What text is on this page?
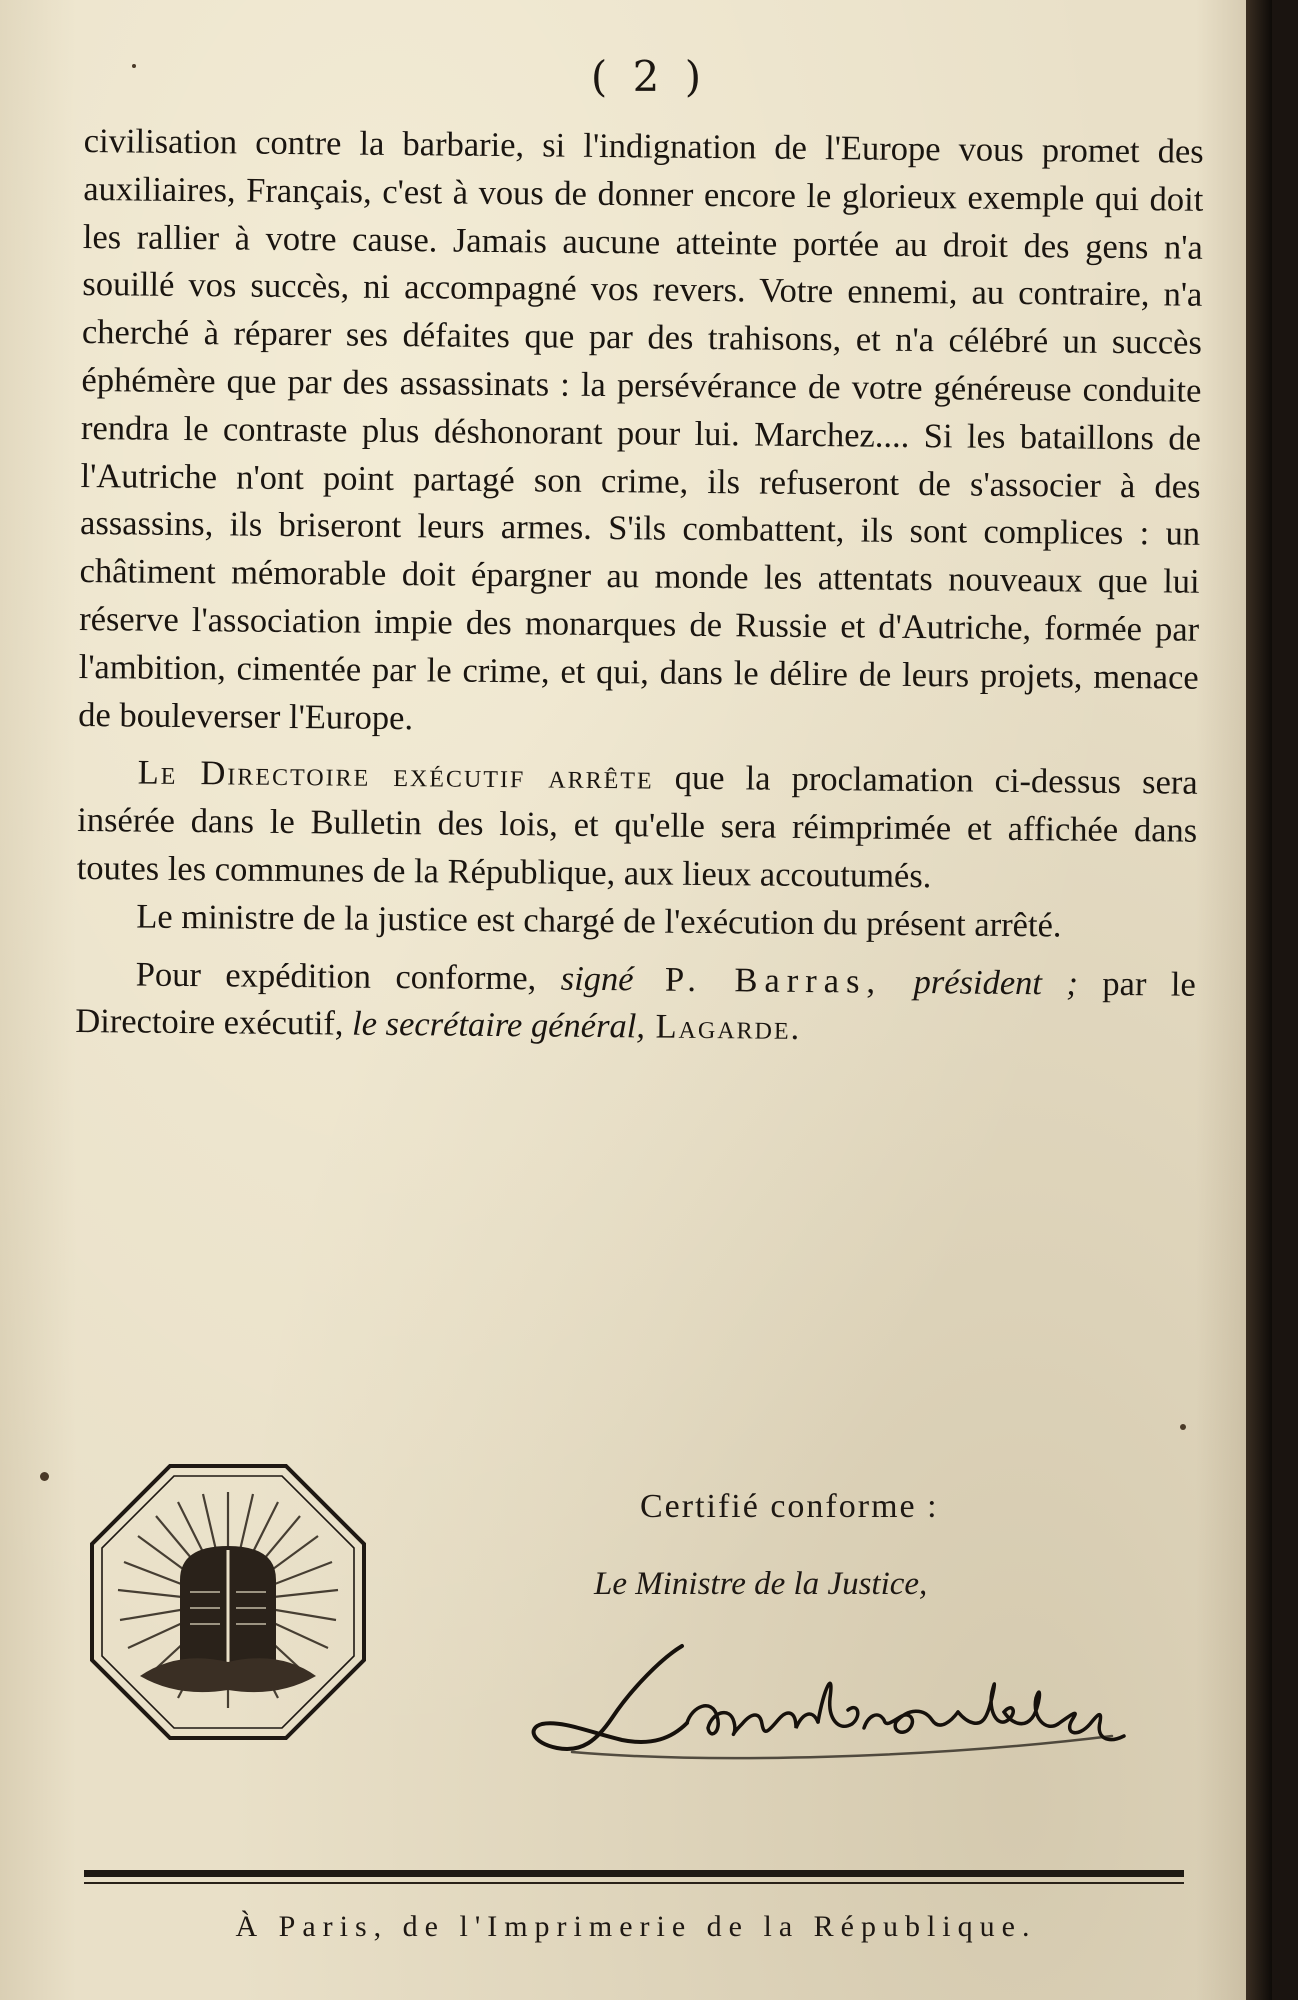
( 2 )

civilisation contre la barbarie, si l'indignation de l'Europe vous promet des auxiliaires, Français, c'est à vous de donner encore le glorieux exemple qui doit les rallier à votre cause. Jamais aucune atteinte portée au droit des gens n'a souillé vos succès, ni accompagné vos revers. Votre ennemi, au contraire, n'a cherché à réparer ses défaites que par des trahisons, et n'a célébré un succès éphémère que par des assassinats : la persévérance de votre généreuse conduite rendra le contraste plus déshonorant pour lui. Marchez.... Si les bataillons de l'Autriche n'ont point partagé son crime, ils refuseront de s'associer à des assassins, ils briseront leurs armes. S'ils combattent, ils sont complices : un châtiment mémorable doit épargner au monde les attentats nouveaux que lui réserve l'association impie des monarques de Russie et d'Autriche, formée par l'ambition, cimentée par le crime, et qui, dans le délire de leurs projets, menace de bouleverser l'Europe.

Le Directoire exécutif arrête que la proclamation ci-dessus sera insérée dans le Bulletin des lois, et qu'elle sera réimprimée et affichée dans toutes les communes de la République, aux lieux accoutumés.

Le ministre de la justice est chargé de l'exécution du présent arrêté.

Pour expédition conforme, signé P. Barras, président ; par le Directoire exécutif, le secrétaire général, Lagarde.

Certifié conforme :
Le Ministre de la Justice,
À Paris, de l'Imprimerie de la République.
